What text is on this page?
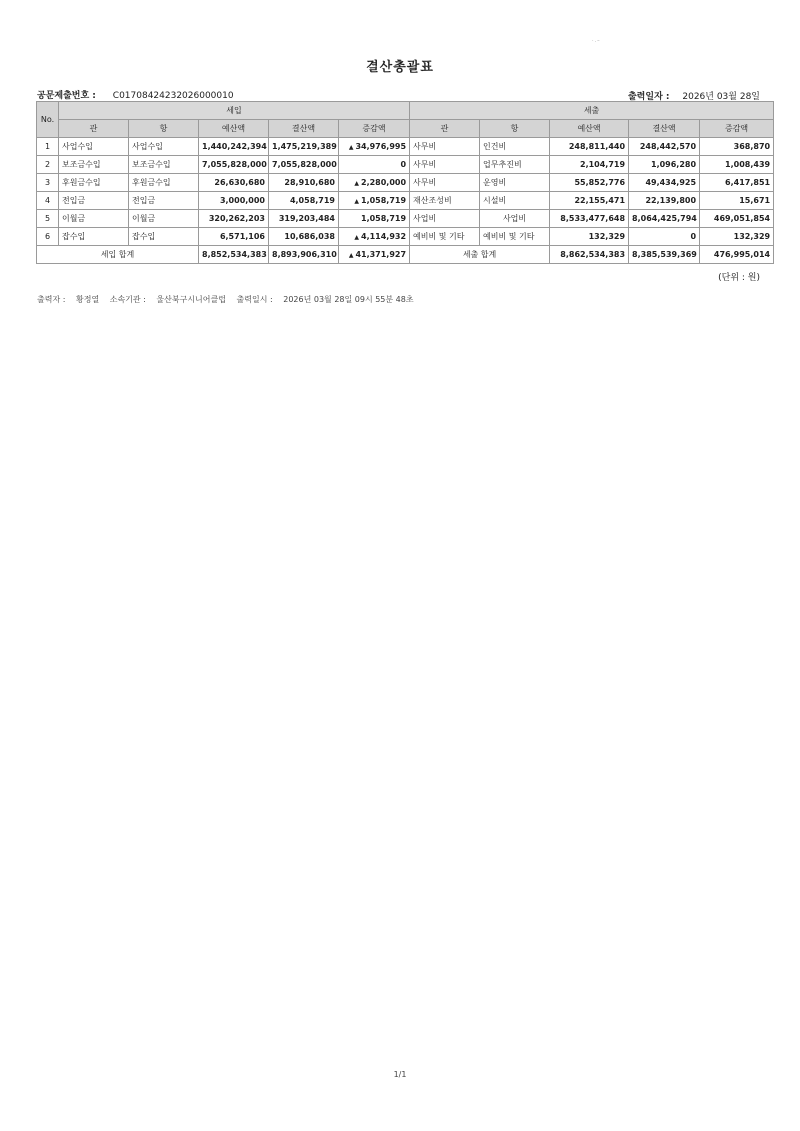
·.–
결산총괄표
공문제출번호 : C01708424232026000010	출력일자 : 2026년 03월 28일
No.	세입					세출				
	관	항	예산액	결산액	증감액	관	항	예산액	결산액	증감액
1	사업수입	사업수입	1,440,242,394	1,475,219,389	▲ 34,976,995	사무비	인건비	248,811,440	248,442,570	368,870
2	보조금수입	보조금수입	7,055,828,000	7,055,828,000	0	사무비	업무추진비	2,104,719	1,096,280	1,008,439
3	후원금수입	후원금수입	26,630,680	28,910,680	▲ 2,280,000	사무비	운영비	55,852,776	49,434,925	6,417,851
4	전입금	전입금	3,000,000	4,058,719	▲ 1,058,719	재산조성비	시설비	22,155,471	22,139,800	15,671
5	이월금	이월금	320,262,203	319,203,484	1,058,719	사업비	사업비	8,533,477,648	8,064,425,794	469,051,854
6	잡수입	잡수입	6,571,106	10,686,038	▲ 4,114,932	예비비 및 기타	예비비 및 기타	132,329	0	132,329
세입 합계			8,852,534,383	8,893,906,310	▲ 41,371,927	세출 합계		8,862,534,383	8,385,539,369	476,995,014
(단위 : 원)
출력자 : 황정열 소속기관 : 울산북구시니어클럽 출력일시 : 2026년 03월 28일 09시 55분 48초
1/1
